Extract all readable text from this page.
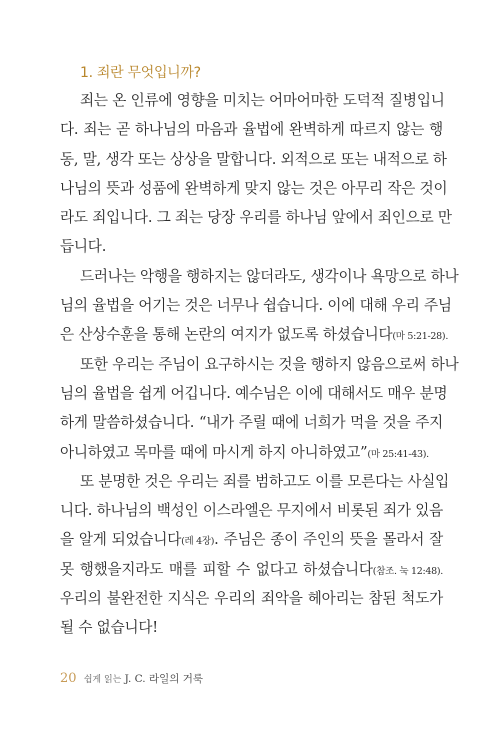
1. 죄란 무엇입니까?
죄는 온 인류에 영향을 미치는 어마어마한 도덕적 질병입니
다. 죄는 곧 하나님의 마음과 율법에 완벽하게 따르지 않는 행
동, 말, 생각 또는 상상을 말합니다. 외적으로 또는 내적으로 하
나님의 뜻과 성품에 완벽하게 맞지 않는 것은 아무리 작은 것이
라도 죄입니다. 그 죄는 당장 우리를 하나님 앞에서 죄인으로 만
듭니다.
드러나는 악행을 행하지는 않더라도, 생각이나 욕망으로 하나
님의 율법을 어기는 것은 너무나 쉽습니다. 이에 대해 우리 주님
은 산상수훈을 통해 논란의 여지가 없도록 하셨습니다(마 5:21-28).
또한 우리는 주님이 요구하시는 것을 행하지 않음으로써 하나
님의 율법을 쉽게 어깁니다. 예수님은 이에 대해서도 매우 분명
하게 말씀하셨습니다. “내가 주릴 때에 너희가 먹을 것을 주지
아니하였고 목마를 때에 마시게 하지 아니하였고”(마 25:41-43).
또 분명한 것은 우리는 죄를 범하고도 이를 모른다는 사실입
니다. 하나님의 백성인 이스라엘은 무지에서 비롯된 죄가 있음
을 알게 되었습니다(레 4장). 주님은 종이 주인의 뜻을 몰라서 잘
못 행했을지라도 매를 피할 수 없다고 하셨습니다(참조. 눅 12:48).
우리의 불완전한 지식은 우리의 죄악을 헤아리는 참된 척도가
될 수 없습니다!
20 쉽게 읽는 J. C. 라일의 거룩
